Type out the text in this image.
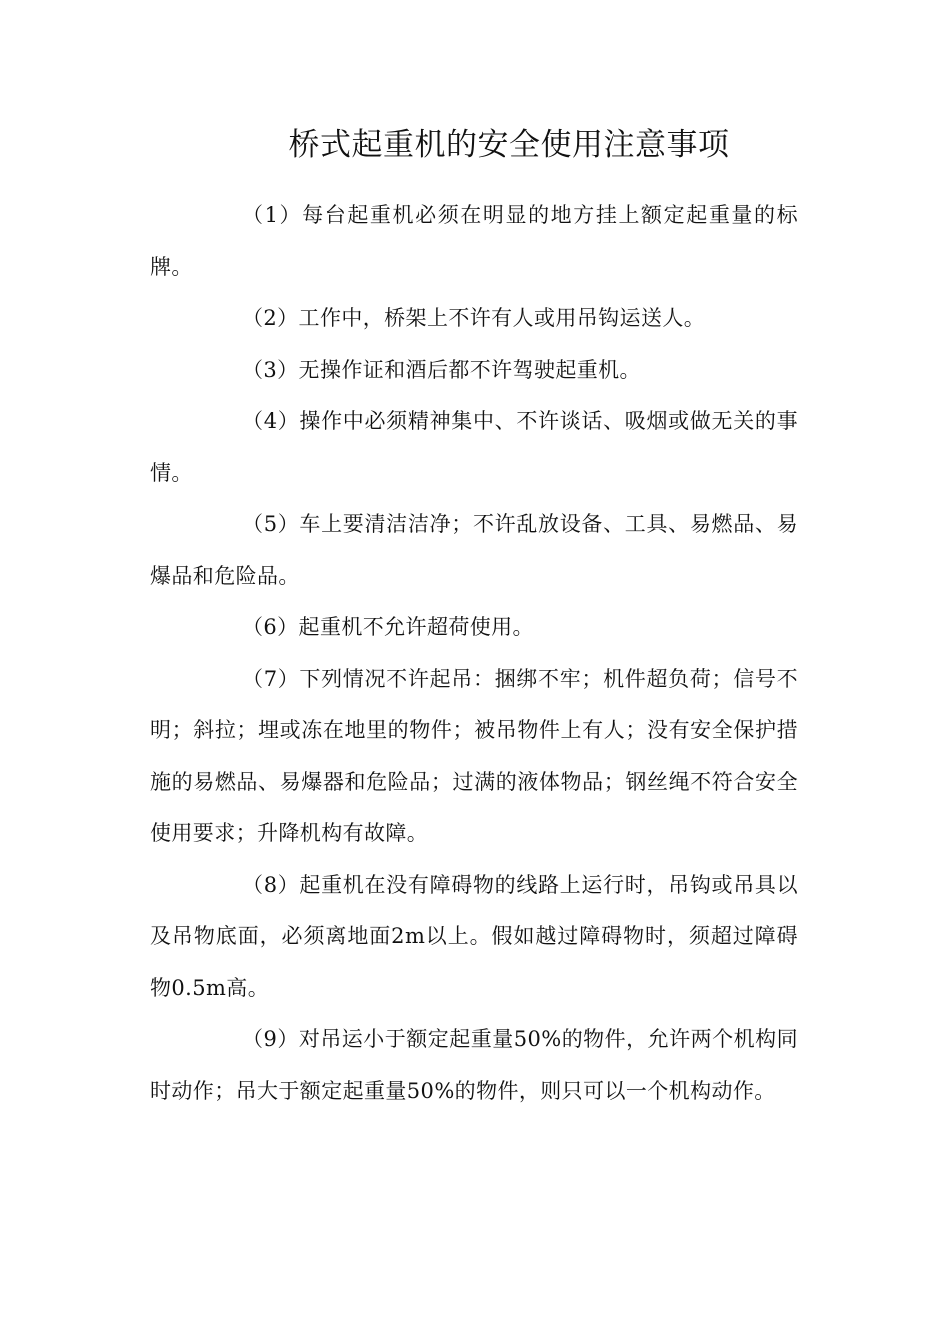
桥式起重机的安全使用注意事项

（1）每台起重机必须在明显的地方挂上额定起重量的标牌。

（2）工作中，桥架上不许有人或用吊钩运送人。

（3）无操作证和酒后都不许驾驶起重机。

（4）操作中必须精神集中、不许谈话、吸烟或做无关的事情。

（5）车上要清洁洁净；不许乱放设备、工具、易燃品、易爆品和危险品。

（6）起重机不允许超荷使用。

（7）下列情况不许起吊：捆绑不牢；机件超负荷；信号不明；斜拉；埋或冻在地里的物件；被吊物件上有人；没有安全保护措施的易燃品、易爆器和危险品；过满的液体物品；钢丝绳不符合安全使用要求；升降机构有故障。

（8）起重机在没有障碍物的线路上运行时，吊钩或吊具以及吊物底面，必须离地面2m以上。假如越过障碍物时，须超过障碍物0.5m高。

（9）对吊运小于额定起重量50%的物件，允许两个机构同时动作；吊大于额定起重量50%的物件，则只可以一个机构动作。
